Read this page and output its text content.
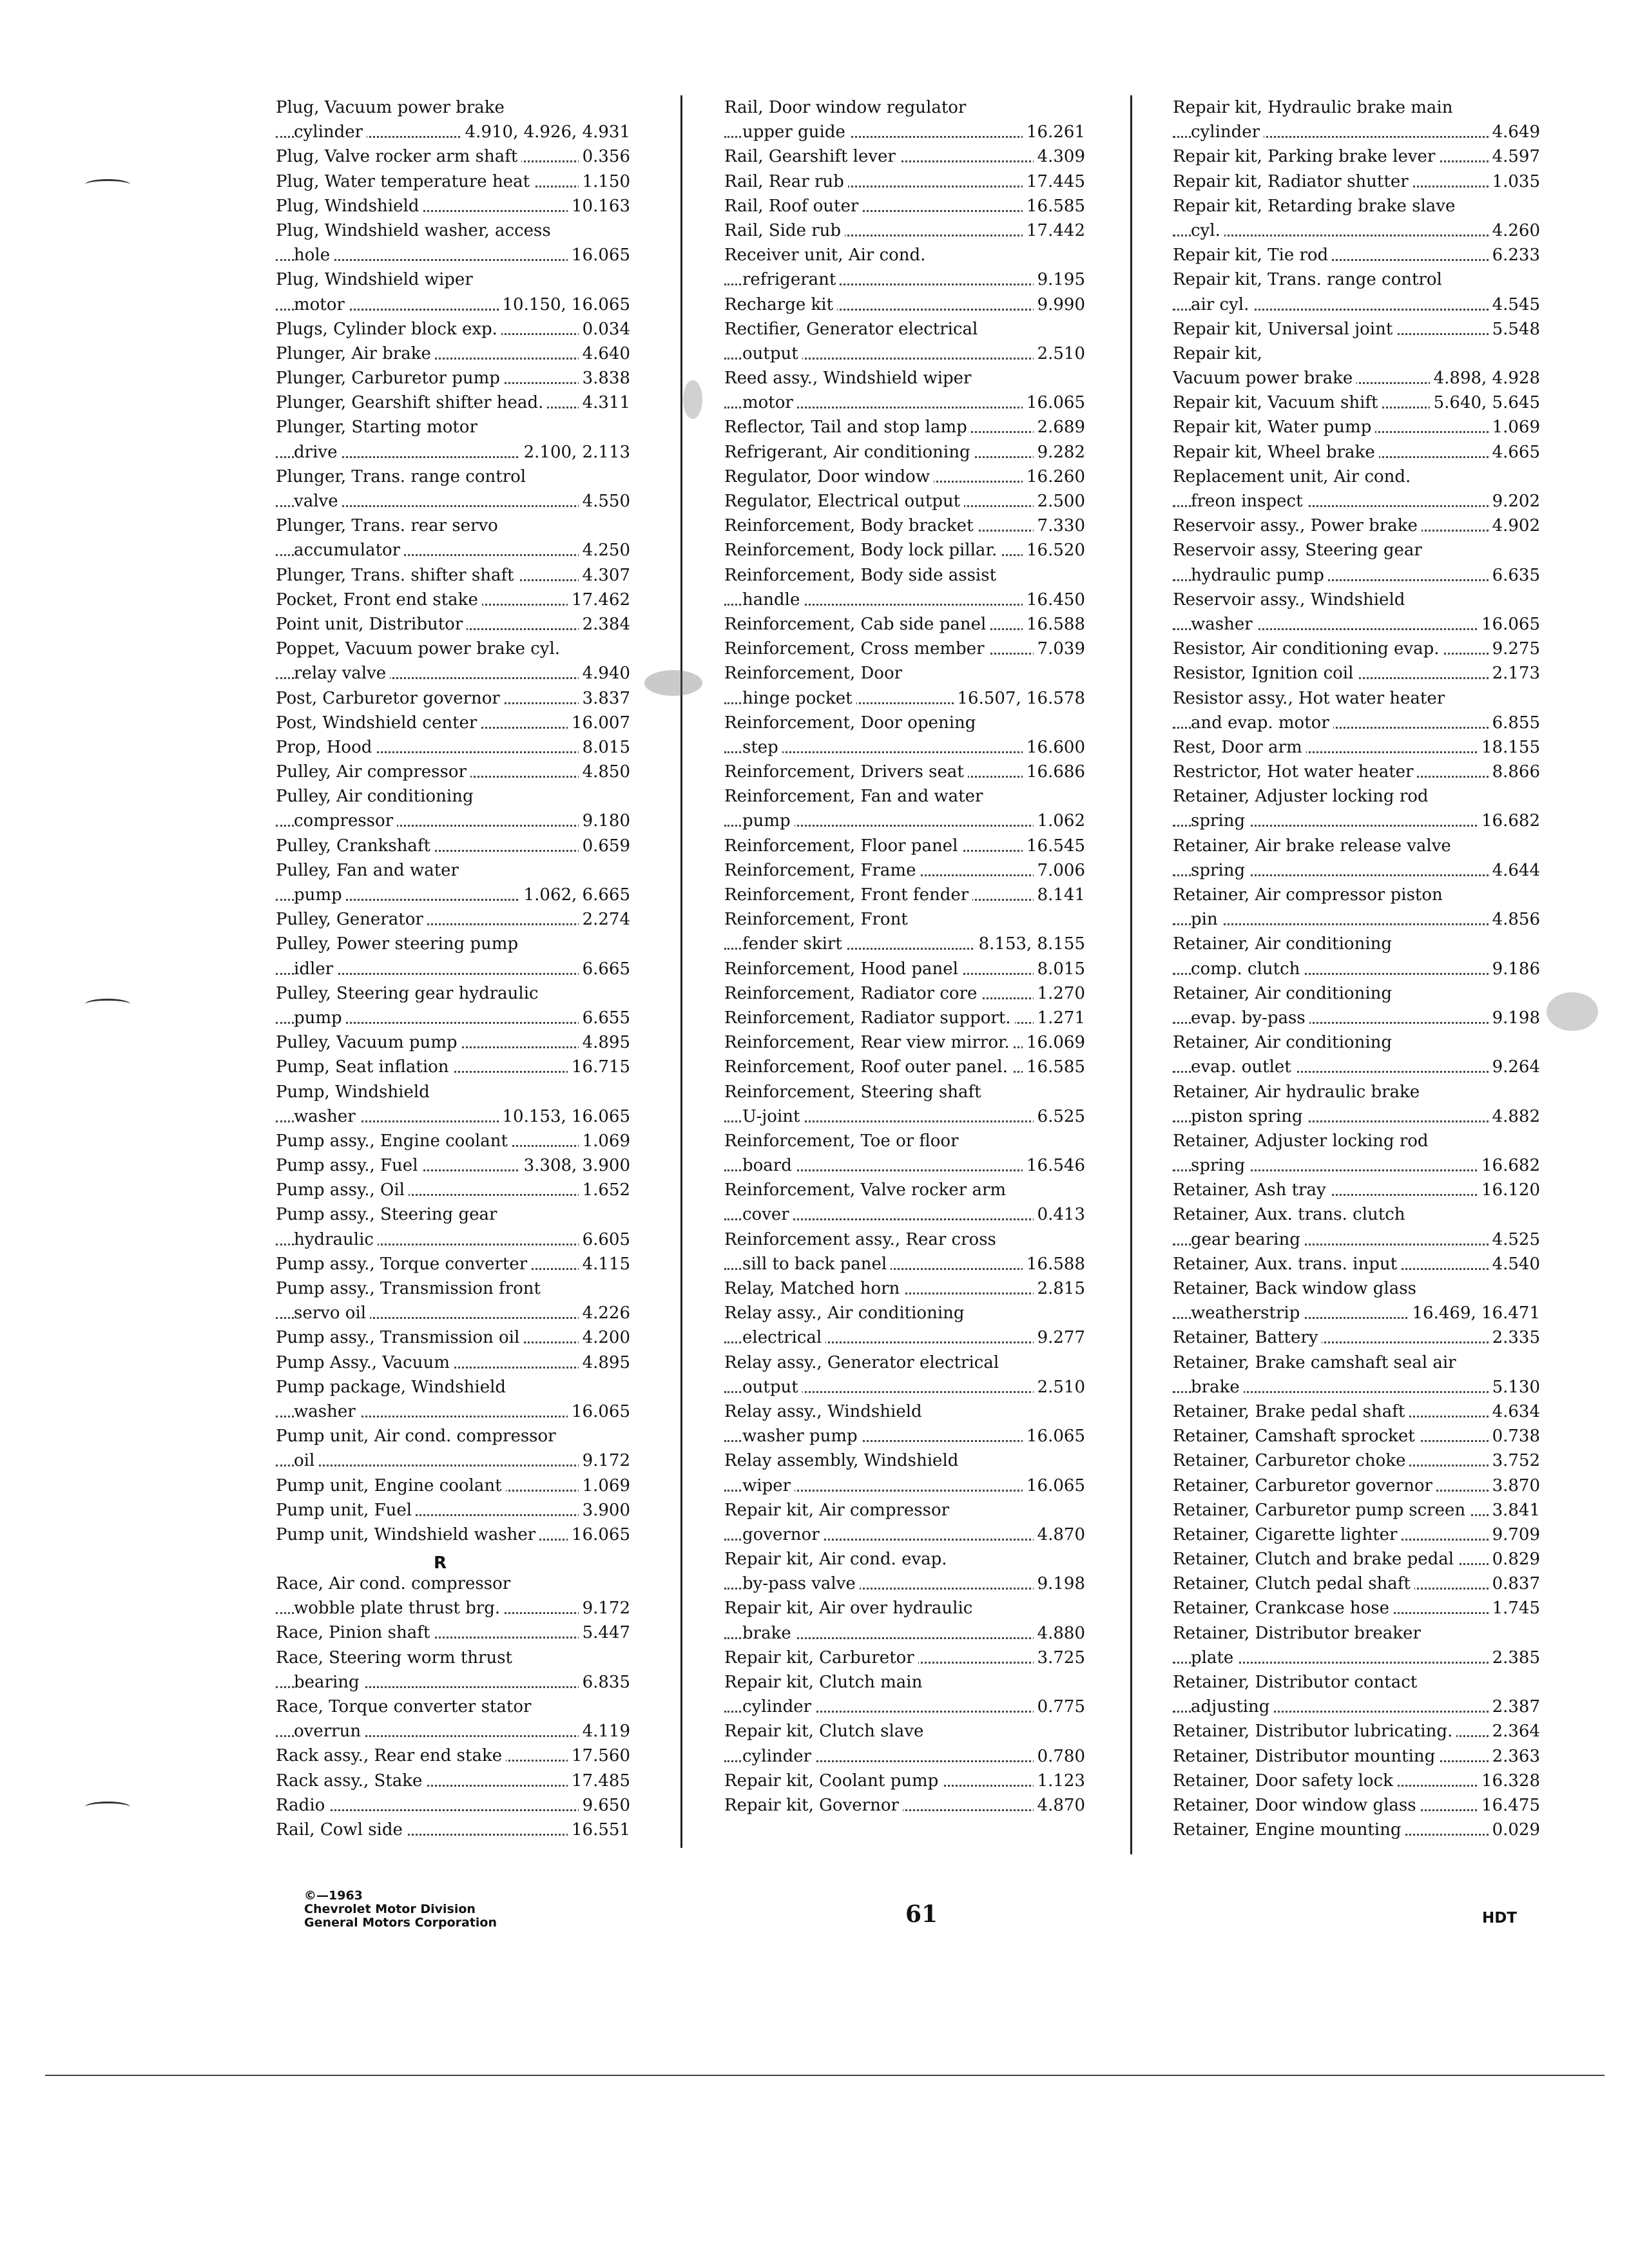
Plug, Vacuum power brake
cylinder	4.910, 4.926, 4.931
Plug, Valve rocker arm shaft	0.356
Plug, Water temperature heat	1.150
Plug, Windshield	10.163
Plug, Windshield washer, access
hole	16.065
Plug, Windshield wiper
motor	10.150, 16.065
Plugs, Cylinder block exp.	0.034
Plunger, Air brake	4.640
Plunger, Carburetor pump	3.838
Plunger, Gearshift shifter head. 4.311
Plunger, Starting motor
drive	2.100, 2.113
Plunger, Trans. range control
valve	4.550
Plunger, Trans. rear servo
accumulator	4.250
Plunger, Trans. shifter shaft	4.307
Pocket, Front end stake	17.462
Point unit, Distributor	2.384
Poppet, Vacuum power brake cyl.
relay valve	4.940
Post, Carburetor governor	3.837
Post, Windshield center	16.007
Prop, Hood	8.015
Pulley, Air compressor	4.850
Pulley, Air conditioning
compressor	9.180
Pulley, Crankshaft	0.659
Pulley, Fan and water
pump	1.062, 6.665
Pulley, Generator	2.274
Pulley, Power steering pump
idler	6.665
Pulley, Steering gear hydraulic
pump	6.655
Pulley, Vacuum pump	4.895
Pump, Seat inflation	16.715
Pump, Windshield
washer	10.153, 16.065
Pump assy., Engine coolant	1.069
Pump assy., Fuel	3.308, 3.900
Pump assy., Oil	1.652
Pump assy., Steering gear
hydraulic	6.605
Pump assy., Torque converter	4.115
Pump assy., Transmission front
servo oil	4.226
Pump assy., Transmission oil	4.200
Pump Assy., Vacuum	4.895
Pump package, Windshield
washer	16.065
Pump unit, Air cond. compressor
oil	9.172
Pump unit, Engine coolant	1.069
Pump unit, Fuel	3.900
Pump unit, Windshield washer 16.065
R
Race, Air cond. compressor
wobble plate thrust brg.	9.172
Race, Pinion shaft	5.447
Race, Steering worm thrust
bearing	6.835
Race, Torque converter stator
overrun	4.119
Rack assy., Rear end stake	17.560
Rack assy., Stake	17.485
Radio	9.650
Rail, Cowl side	16.551
Rail, Door window regulator
upper guide	16.261
Rail, Gearshift lever	4.309
Rail, Rear rub	17.445
Rail, Roof outer	16.585
Rail, Side rub	17.442
Receiver unit, Air cond.
refrigerant	9.195
Recharge kit	9.990
Rectifier, Generator electrical
output	2.510
Reed assy., Windshield wiper
motor	16.065
Reflector, Tail and stop lamp	2.689
Refrigerant, Air conditioning	9.282
Regulator, Door window	16.260
Regulator, Electrical output	2.500
Reinforcement, Body bracket	7.330
Reinforcement, Body lock pillar. 16.520
Reinforcement, Body side assist
handle	16.450
Reinforcement, Cab side panel 16.588
Reinforcement, Cross member	7.039
Reinforcement, Door
hinge pocket	16.507, 16.578
Reinforcement, Door opening
step	16.600
Reinforcement, Drivers seat	16.686
Reinforcement, Fan and water
pump	1.062
Reinforcement, Floor panel	16.545
Reinforcement, Frame	7.006
Reinforcement, Front fender	8.141
Reinforcement, Front
fender skirt	8.153, 8.155
Reinforcement, Hood panel	8.015
Reinforcement, Radiator core	1.270
Reinforcement, Radiator support. 1.271
Reinforcement, Rear view mirror. 16.069
Reinforcement, Roof outer panel. 16.585
Reinforcement, Steering shaft
U-joint	6.525
Reinforcement, Toe or floor
board	16.546
Reinforcement, Valve rocker arm
cover	0.413
Reinforcement assy., Rear cross
sill to back panel	16.588
Relay, Matched horn	2.815
Relay assy., Air conditioning
electrical	9.277
Relay assy., Generator electrical
output	2.510
Relay assy., Windshield
washer pump	16.065
Relay assembly, Windshield
wiper	16.065
Repair kit, Air compressor
governor	4.870
Repair kit, Air cond. evap.
by-pass valve	9.198
Repair kit, Air over hydraulic
brake	4.880
Repair kit, Carburetor	3.725
Repair kit, Clutch main
cylinder	0.775
Repair kit, Clutch slave
cylinder	0.780
Repair kit, Coolant pump	1.123
Repair kit, Governor	4.870
Repair kit, Hydraulic brake main
cylinder	4.649
Repair kit, Parking brake lever	4.597
Repair kit, Radiator shutter	1.035
Repair kit, Retarding brake slave
cyl.	4.260
Repair kit, Tie rod	6.233
Repair kit, Trans. range control
air cyl.	4.545
Repair kit, Universal joint	5.548
Repair kit,
Vacuum power brake	4.898, 4.928
Repair kit, Vacuum shift	5.640, 5.645
Repair kit, Water pump	1.069
Repair kit, Wheel brake	4.665
Replacement unit, Air cond.
freon inspect	9.202
Reservoir assy., Power brake	4.902
Reservoir assy, Steering gear
hydraulic pump	6.635
Reservoir assy., Windshield
washer	16.065
Resistor, Air conditioning evap.	9.275
Resistor, Ignition coil	2.173
Resistor assy., Hot water heater
and evap. motor	6.855
Rest, Door arm	18.155
Restrictor, Hot water heater	8.866
Retainer, Adjuster locking rod
spring	16.682
Retainer, Air brake release valve
spring	4.644
Retainer, Air compressor piston
pin	4.856
Retainer, Air conditioning
comp. clutch	9.186
Retainer, Air conditioning
evap. by-pass	9.198
Retainer, Air conditioning
evap. outlet	9.264
Retainer, Air hydraulic brake
piston spring	4.882
Retainer, Adjuster locking rod
spring	16.682
Retainer, Ash tray	16.120
Retainer, Aux. trans. clutch
gear bearing	4.525
Retainer, Aux. trans. input	4.540
Retainer, Back window glass
weatherstrip	16.469, 16.471
Retainer, Battery	2.335
Retainer, Brake camshaft seal air
brake	5.130
Retainer, Brake pedal shaft	4.634
Retainer, Camshaft sprocket	0.738
Retainer, Carburetor choke	3.752
Retainer, Carburetor governor	3.870
Retainer, Carburetor pump screen 3.841
Retainer, Cigarette lighter	9.709
Retainer, Clutch and brake pedal 0.829
Retainer, Clutch pedal shaft	0.837
Retainer, Crankcase hose	1.745
Retainer, Distributor breaker
plate	2.385
Retainer, Distributor contact
adjusting	2.387
Retainer, Distributor lubricating. 2.364
Retainer, Distributor mounting	2.363
Retainer, Door safety lock	16.328
Retainer, Door window glass	16.475
Retainer, Engine mounting	0.029
©—1963
Chevrolet Motor Division
General Motors Corporation	61	HDT
